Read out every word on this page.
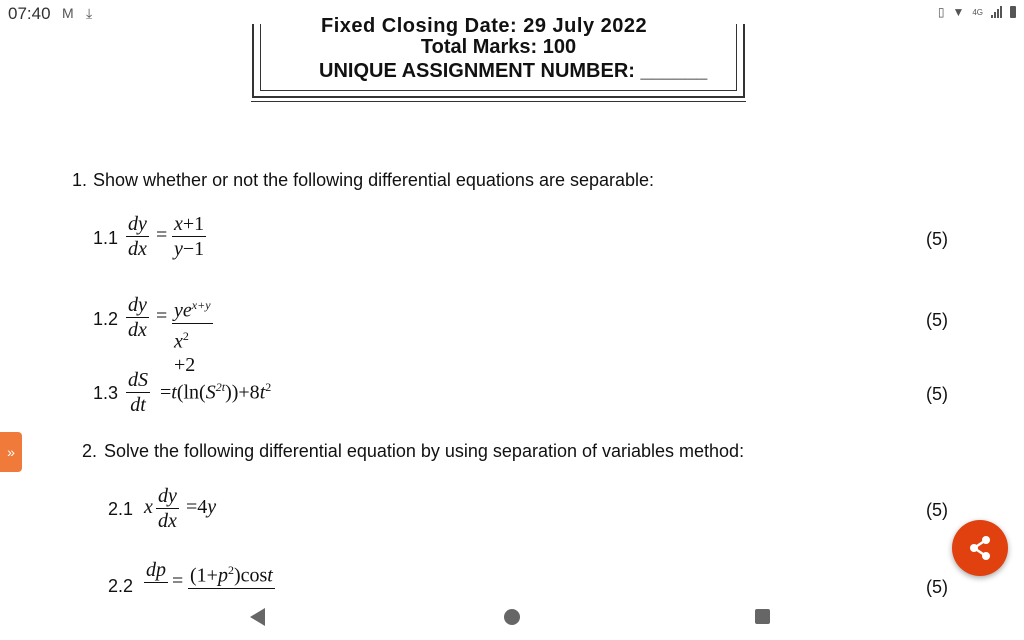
07:40 M ⤓	▯ ▼ 4G
Fixed Closing Date: 29 July 2022
Total Marks: 100
UNIQUE ASSIGNMENT NUMBER: ______
1. Show whether or not the following differential equations are separable:
1.1
dy
dx
= x+1
y−1	(5)
1.2
dy
dx
= $ye^{x+y}$
$x^2 +2$
(5)
1.3
dS
dt
$=t(\ln(S^{2t}))+8t^2$	(5)
2. Solve the following differential equation by using separation of variables method:
2.1 x dy
dx
=4y	(5)
2.2
dp = $(1+p^2)\cos t$
(5)
»
